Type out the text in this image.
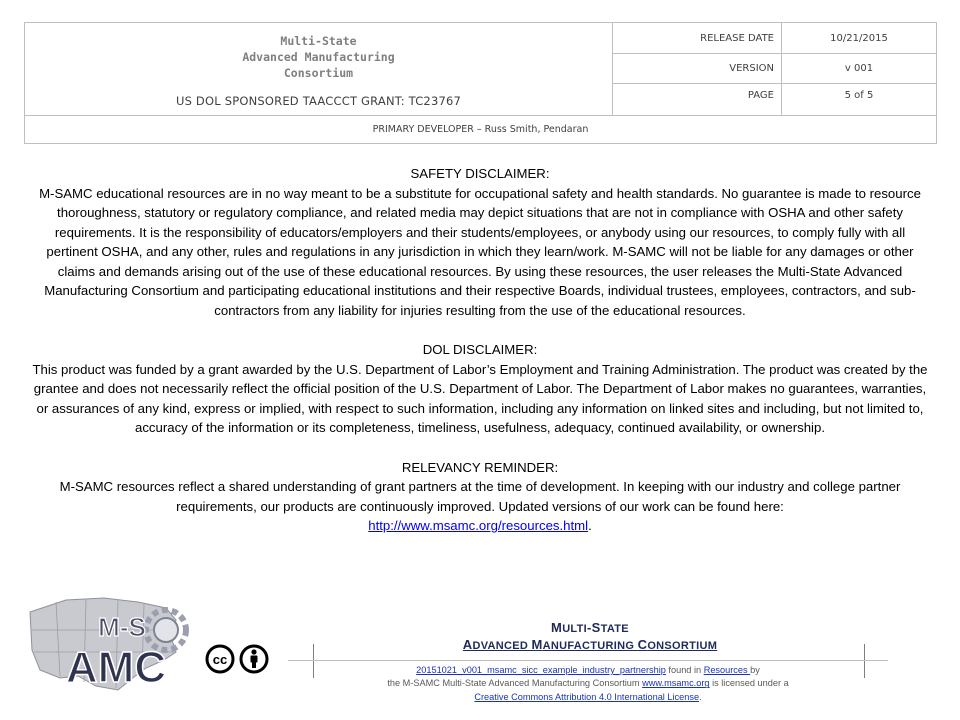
Multi-State
Advanced Manufacturing
Consortium
US DOL SPONSORED TAACCCT GRANT: TC23767
RELEASE DATE	10/21/2015
VERSION	v 001
PAGE	5 of 5
PRIMARY DEVELOPER – Russ Smith, Pendaran

SAFETY DISCLAIMER:

M-SAMC educational resources are in no way meant to be a substitute for occupational safety and health standards. No guarantee is made to resource thoroughness, statutory or regulatory compliance, and related media may depict situations that are not in compliance with OSHA and other safety requirements. It is the responsibility of educators/employers and their students/employees, or anybody using our resources, to comply fully with all pertinent OSHA, and any other, rules and regulations in any jurisdiction in which they learn/work. M-SAMC will not be liable for any damages or other claims and demands arising out of the use of these educational resources. By using these resources, the user releases the Multi-State Advanced Manufacturing Consortium and participating educational institutions and their respective Boards, individual trustees, employees, contractors, and sub-contractors from any liability for injuries resulting from the use of the educational resources.

DOL DISCLAIMER:

This product was funded by a grant awarded by the U.S. Department of Labor’s Employment and Training Administration. The product was created by the grantee and does not necessarily reflect the official position of the U.S. Department of Labor. The Department of Labor makes no guarantees, warranties, or assurances of any kind, express or implied, with respect to such information, including any information on linked sites and including, but not limited to, accuracy of the information or its completeness, timeliness, usefulness, adequacy, continued availability, or ownership.

RELEVANCY REMINDER:

M-SAMC resources reflect a shared understanding of grant partners at the time of development. In keeping with our industry and college partner requirements, our products are continuously improved. Updated versions of our work can be found here:
http://www.msamc.org/resources.html.

M-S
AMC	cc
MULTI-STATE
ADVANCED MANUFACTURING CONSORTIUM
20151021_v001_msamc_sicc_example_industry_partnership found in Resources by
the M-SAMC Multi-State Advanced Manufacturing Consortium www.msamc.org is licensed under a
Creative Commons Attribution 4.0 International License.
